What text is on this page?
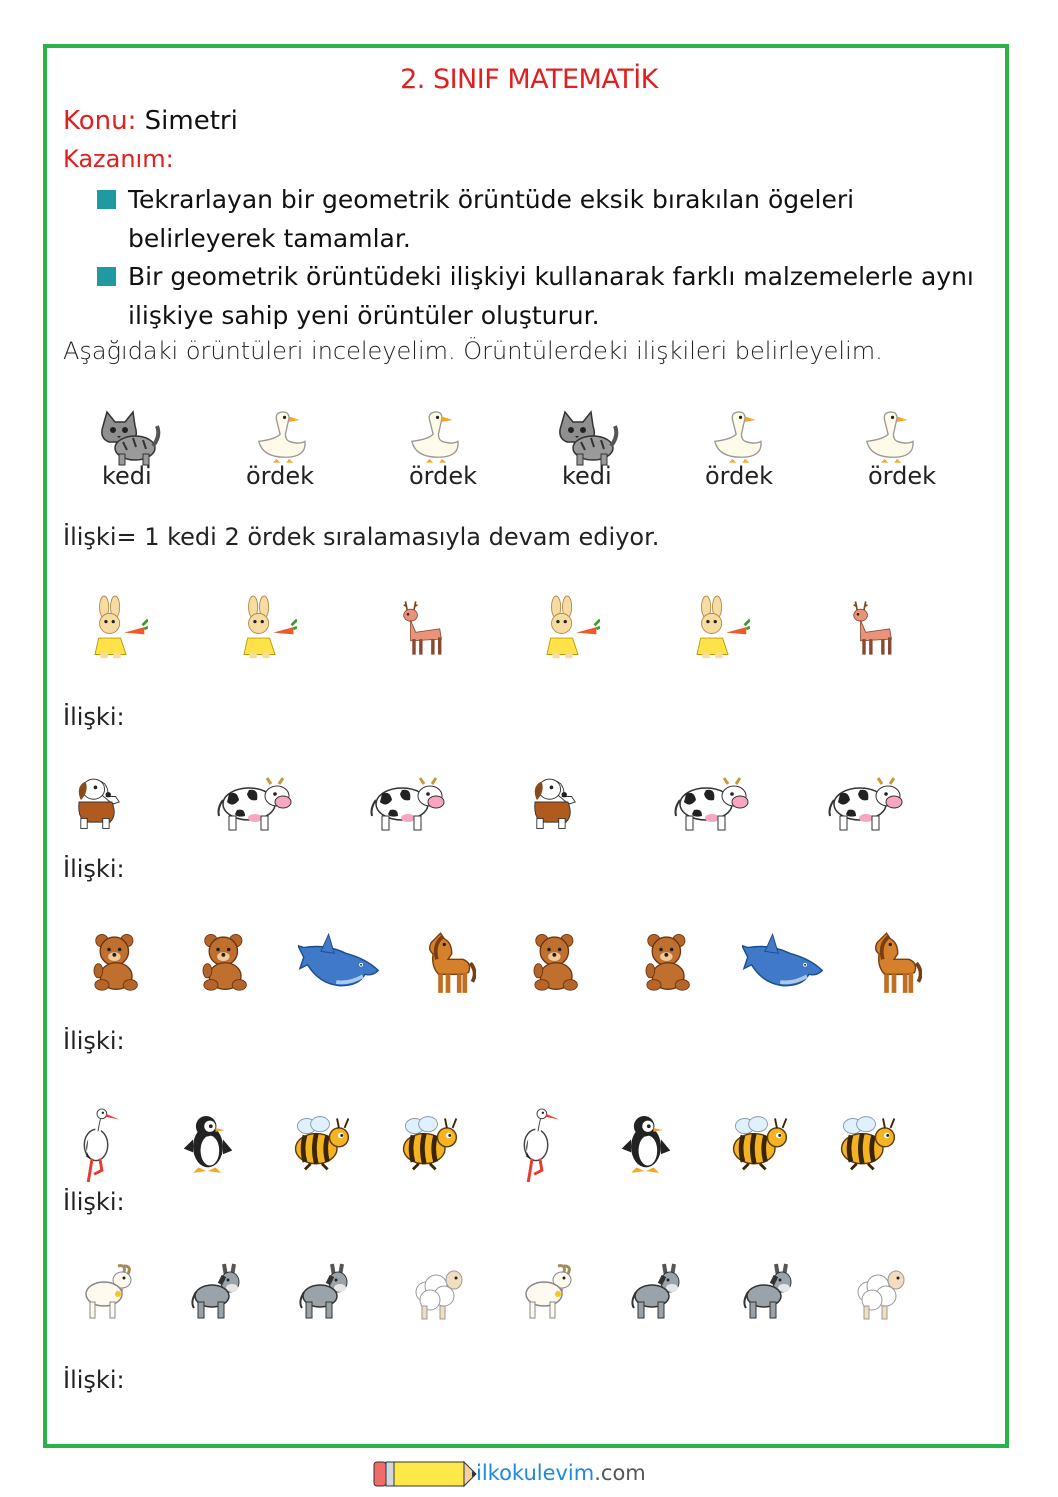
2. SINIF MATEMATİK
Konu: Simetri
Kazanım:
Tekrarlayan bir geometrik örüntüde eksik bırakılan ögeleri belirleyerek tamamlar.
Bir geometrik örüntüdeki ilişkiyi kullanarak farklı malzemelerle aynı ilişkiye sahip yeni örüntüler oluşturur.
Aşağıdaki örüntüleri inceleyelim. Örüntülerdeki ilişkileri belirleyelim.
kedi	ördek	ördek	kedi	ördek	ördek
İlişki= 1 kedi 2 ördek sıralamasıyla devam ediyor.
İlişki:
İlişki:
İlişki:
İlişki:
İlişki:
ilkokulevim.com
